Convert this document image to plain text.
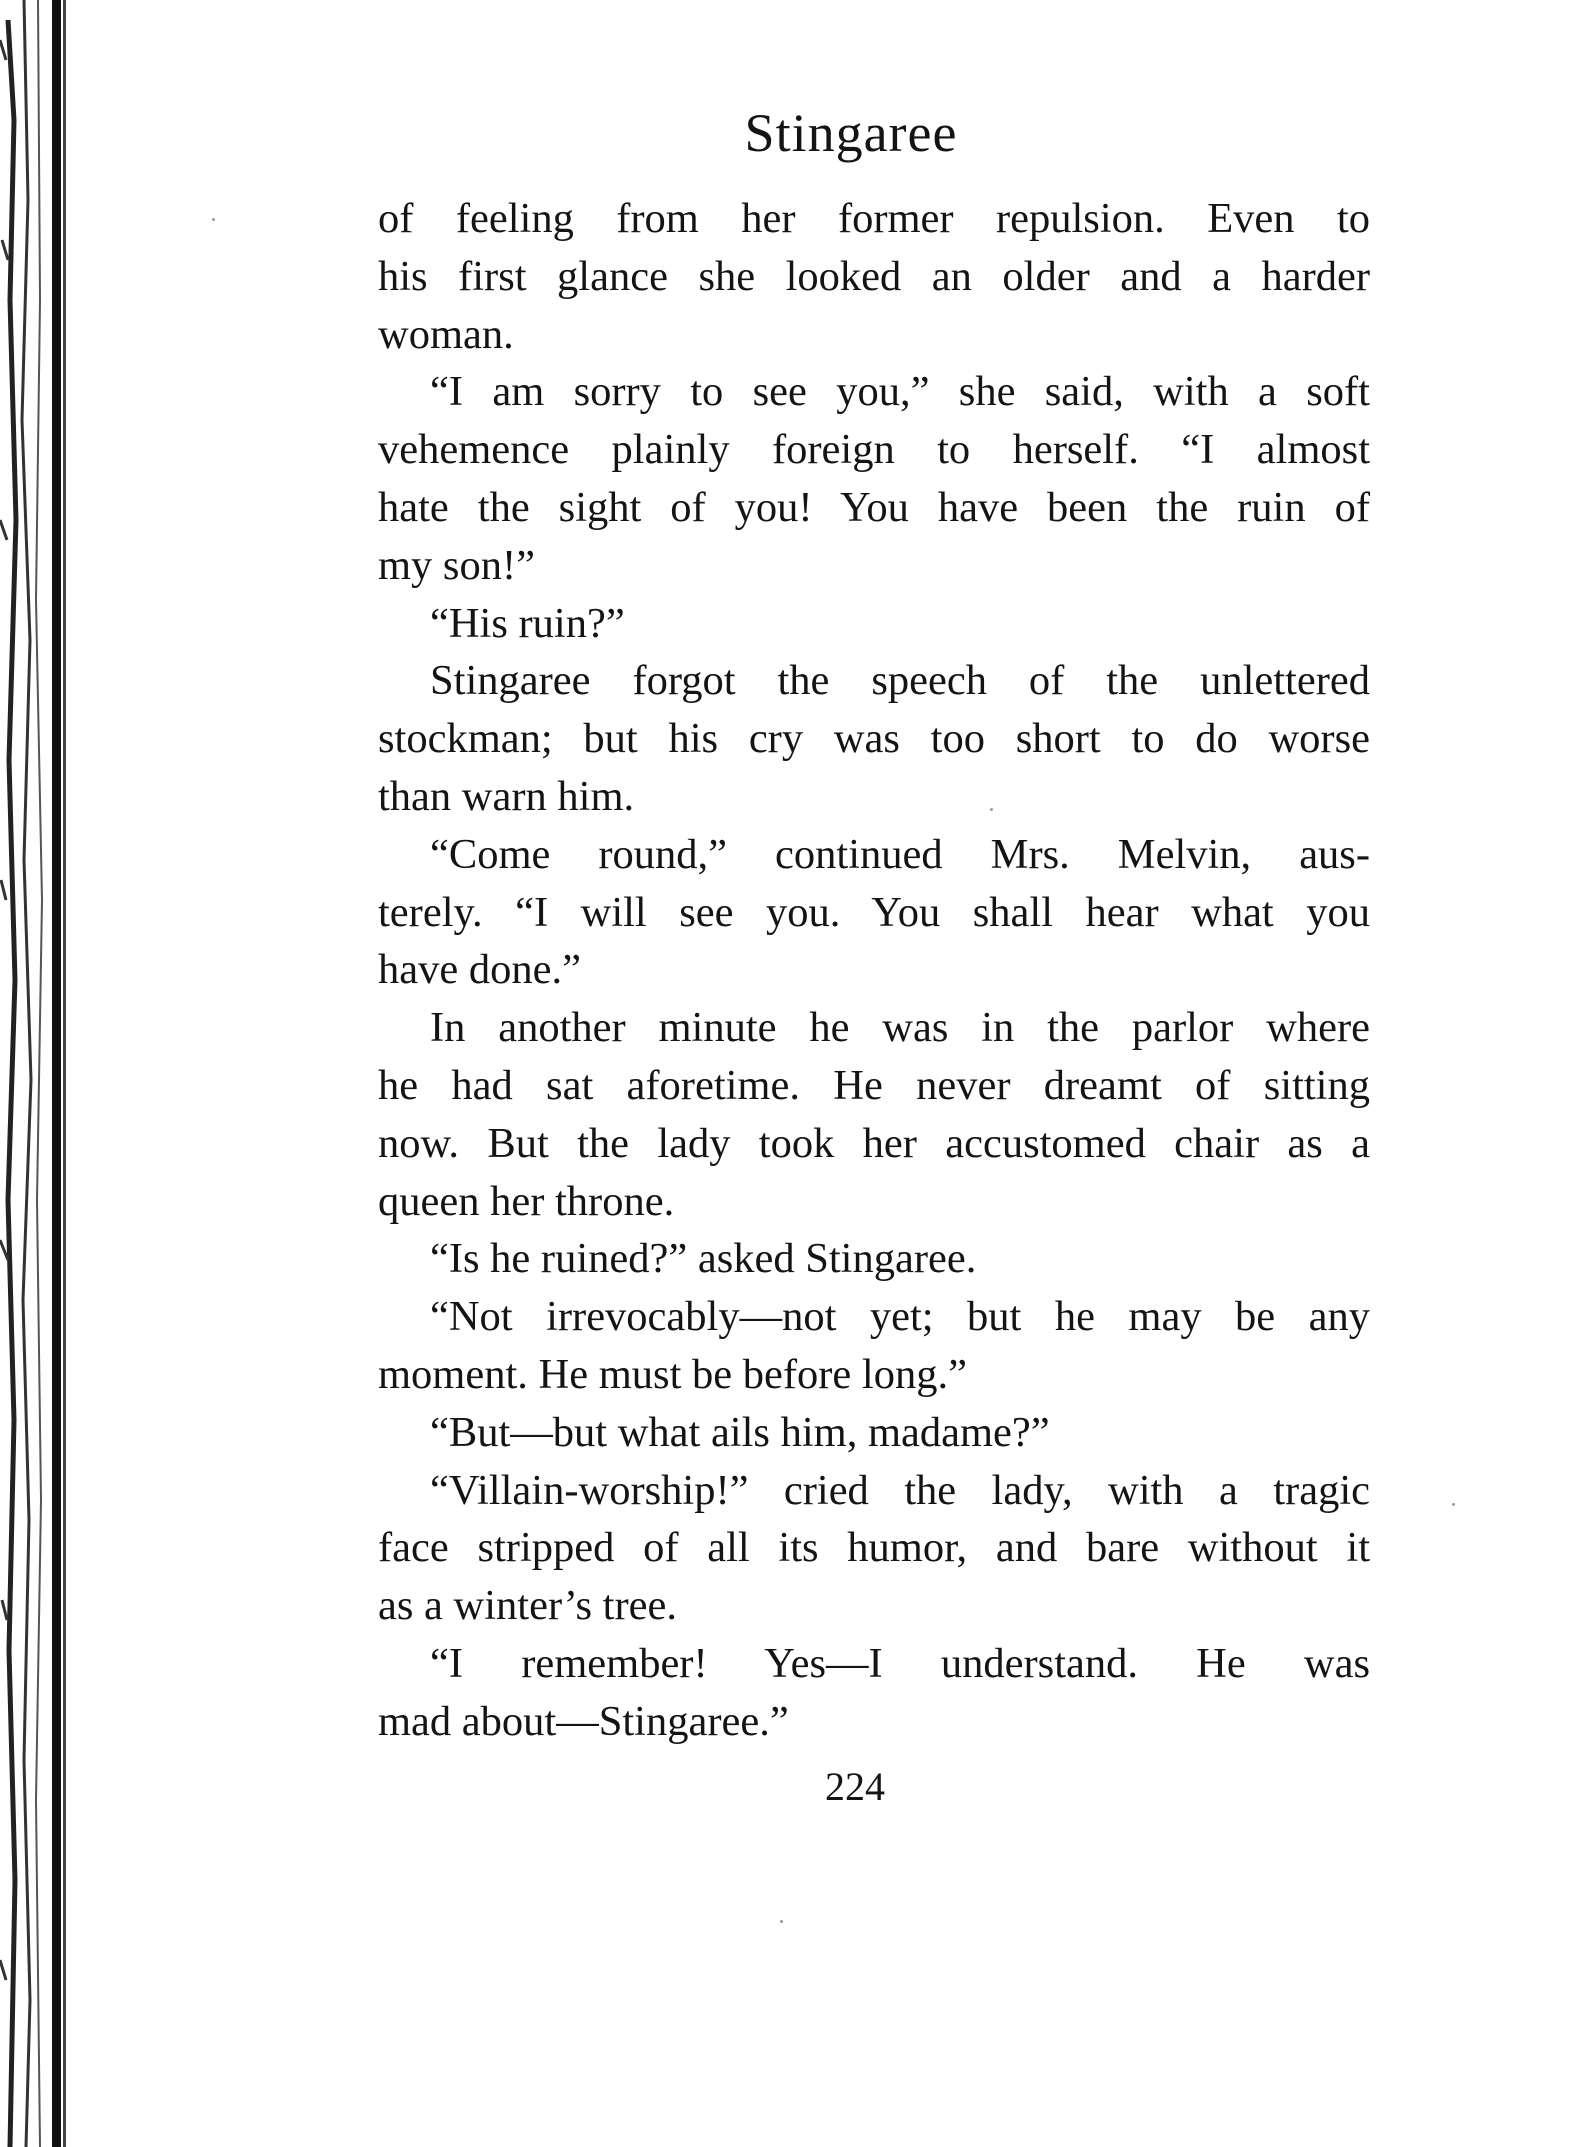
Stingaree
of feeling from her former repulsion. Even to
his first glance she looked an older and a harder
woman.
“I am sorry to see you,” she said, with a soft
vehemence plainly foreign to herself. “I almost
hate the sight of you! You have been the ruin of
my son!”
“His ruin?”
Stingaree forgot the speech of the unlettered
stockman; but his cry was too short to do worse
than warn him.
“Come round,” continued Mrs. Melvin, aus-
terely. “I will see you. You shall hear what you
have done.”
In another minute he was in the parlor where
he had sat aforetime. He never dreamt of sitting
now. But the lady took her accustomed chair as a
queen her throne.
“Is he ruined?” asked Stingaree.
“Not irrevocably—not yet; but he may be any
moment. He must be before long.”
“But—but what ails him, madame?”
“Villain-worship!” cried the lady, with a tragic
face stripped of all its humor, and bare without it
as a winter’s tree.
“I remember! Yes—I understand. He was
mad about—Stingaree.”
224
